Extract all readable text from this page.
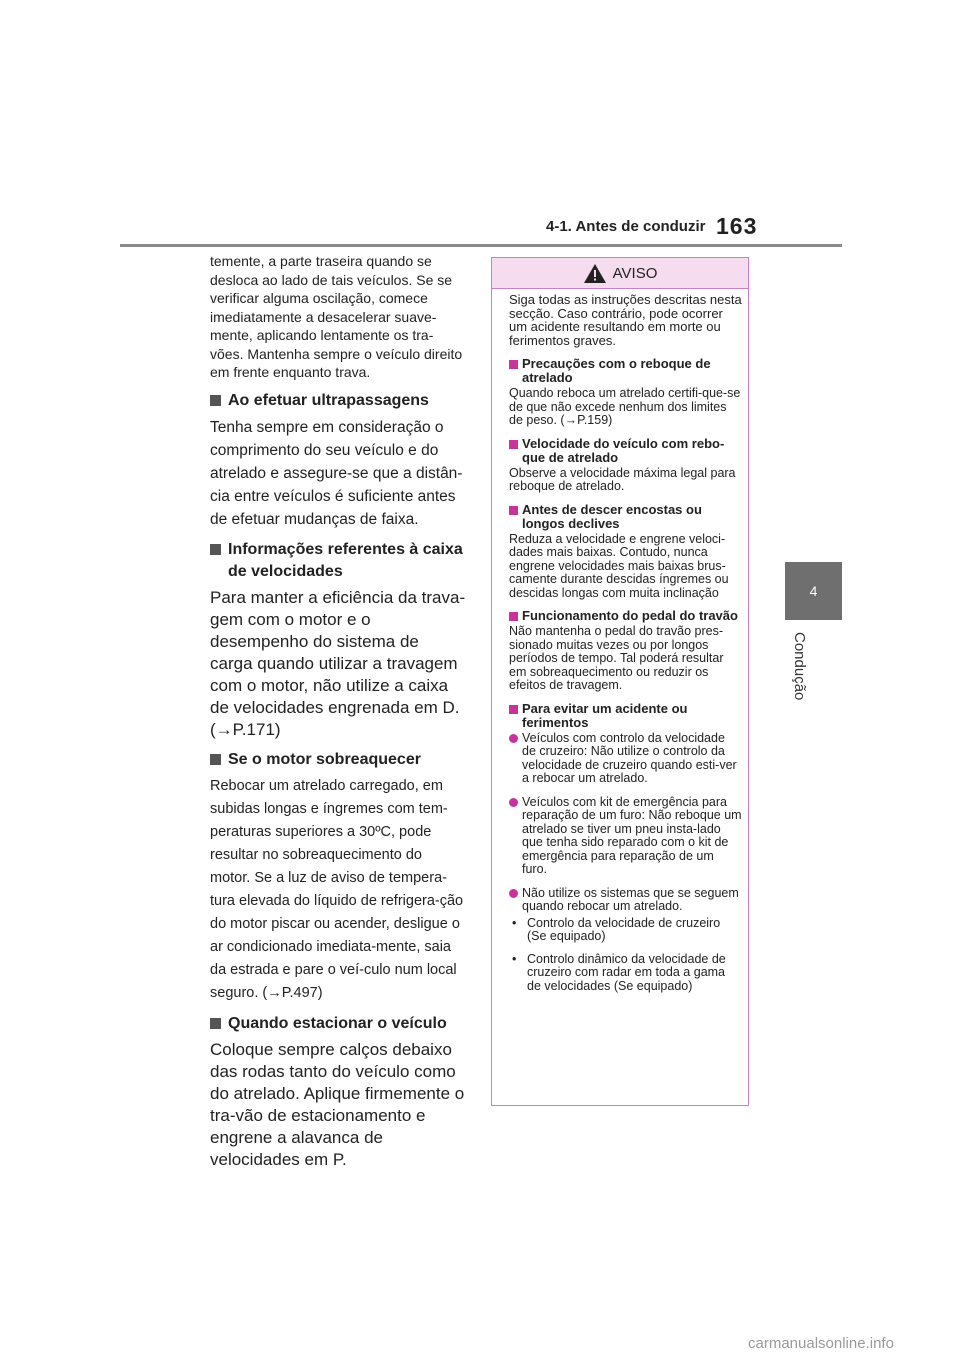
4-1. Antes de conduzir 163
4
Condução

temente, a parte traseira quando se desloca ao lado de tais veículos. Se se verificar alguma oscilação, comece imediatamente a desacelerar suave-mente, aplicando lentamente os tra-vões. Mantenha sempre o veículo direito em frente enquanto trava.

Ao efetuar ultrapassagens

Tenha sempre em consideração o comprimento do seu veículo e do atrelado e assegure-se que a distân-cia entre veículos é suficiente antes de efetuar mudanças de faixa.

Informações referentes à caixa de velocidades

Para manter a eficiência da trava-gem com o motor e o desempenho do sistema de carga quando utilizar a travagem com o motor, não utilize a caixa de velocidades engrenada em D. (→P.171)

Se o motor sobreaquecer

Rebocar um atrelado carregado, em subidas longas e íngremes com tem-peraturas superiores a 30ºC, pode resultar no sobreaquecimento do motor. Se a luz de aviso de tempera-tura elevada do líquido de refrigera-ção do motor piscar ou acender, desligue o ar condicionado imediata-mente, saia da estrada e pare o veí-culo num local seguro. (→P.497)

Quando estacionar o veículo

Coloque sempre calços debaixo das rodas tanto do veículo como do atrelado. Aplique firmemente o tra-vão de estacionamento e engrene a alavanca de velocidades em P.

AVISO

Siga todas as instruções descritas nesta secção. Caso contrário, pode ocorrer um acidente resultando em morte ou ferimentos graves.

Precauções com o reboque de atrelado

Quando reboca um atrelado certifi-que-se de que não excede nenhum dos limites de peso. (→P.159)

Velocidade do veículo com rebo-que de atrelado

Observe a velocidade máxima legal para reboque de atrelado.

Antes de descer encostas ou longos declives

Reduza a velocidade e engrene veloci-dades mais baixas. Contudo, nunca engrene velocidades mais baixas brus-camente durante descidas íngremes ou descidas longas com muita inclinação

Funcionamento do pedal do travão

Não mantenha o pedal do travão pres-sionado muitas vezes ou por longos períodos de tempo. Tal poderá resultar em sobreaquecimento ou reduzir os efeitos de travagem.

Para evitar um acidente ou ferimentos
Veículos com controlo da velocidade de cruzeiro: Não utilize o controlo da velocidade de cruzeiro quando esti-ver a rebocar um atrelado.
Veículos com kit de emergência para reparação de um furo: Não reboque um atrelado se tiver um pneu insta-lado que tenha sido reparado com o kit de emergência para reparação de um furo.
Não utilize os sistemas que se seguem quando rebocar um atrelado.
• Controlo da velocidade de cruzeiro (Se equipado)
• Controlo dinâmico da velocidade de cruzeiro com radar em toda a gama de velocidades (Se equipado)
carmanualsonline.info
